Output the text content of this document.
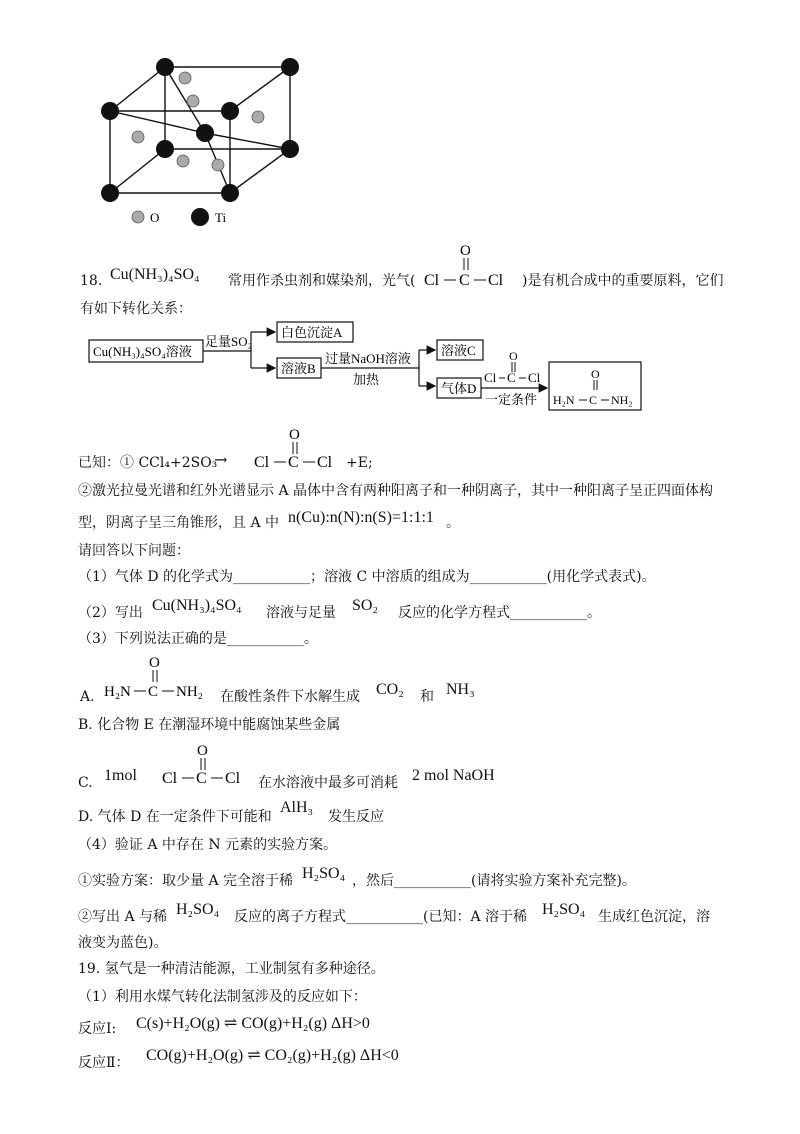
O	Ti
18. Cu(NH₃)₄SO₄ 常用作杀虫剂和媒染剂，光气(
O
Cl C Cl )是有机合成中的重要原料，它们
有如下转化关系：
Cu(NH₃)₄SO₄溶液
足量SO₂
白色沉淀A
溶液B
过量NaOH溶液
加热
溶液C
气体D
O
Cl C Cl
一定条件
O
H₂N C NH₂
已知：① CCl₄+2SO₃
→
O
Cl C Cl +E;
②激光拉曼光谱和红外光谱显示 A 晶体中含有两种阳离子和一种阴离子，其中一种阳离子呈正四面体构
型，阴离子呈三角锥形，且 A 中 n(Cu):n(N):n(S)=1:1:1 。
请回答以下问题：
（1）气体 D 的化学式为___________；溶液 C 中溶质的组成为___________(用化学式表式)。
（2）写出 Cu(NH₃)₄SO₄ 溶液与足量 SO₂ 反应的化学方程式___________。
（3）下列说法正确的是___________。
A.
O
H₂N C NH₂ 在酸性条件下水解生成 CO₂ 和 NH₃
B. 化合物 E 在潮湿环境中能腐蚀某些金属
C. 1mol
O
Cl C Cl 在水溶液中最多可消耗 2 mol NaOH
D. 气体 D 在一定条件下可能和
AlH₃
发生反应
（4）验证 A 中存在 N 元素的实验方案。
①实验方案：取少量 A 完全溶于稀 H₂SO₄ ，然后___________(请将实验方案补充完整)。
②写出 A 与稀 H₂SO₄ 反应的离子方程式___________(已知：A 溶于稀 H₂SO₄ 生成红色沉淀，溶
液变为蓝色)。
19. 氢气是一种清洁能源，工业制氢有多种途径。
（1）利用水煤气转化法制氢涉及的反应如下：
反应Ⅰ: C(s)+H₂O(g) ⇌ CO(g)+H₂(g) ΔH>0
反应Ⅱ： CO(g)+H₂O(g) ⇌ CO₂(g)+H₂(g) ΔH<0
